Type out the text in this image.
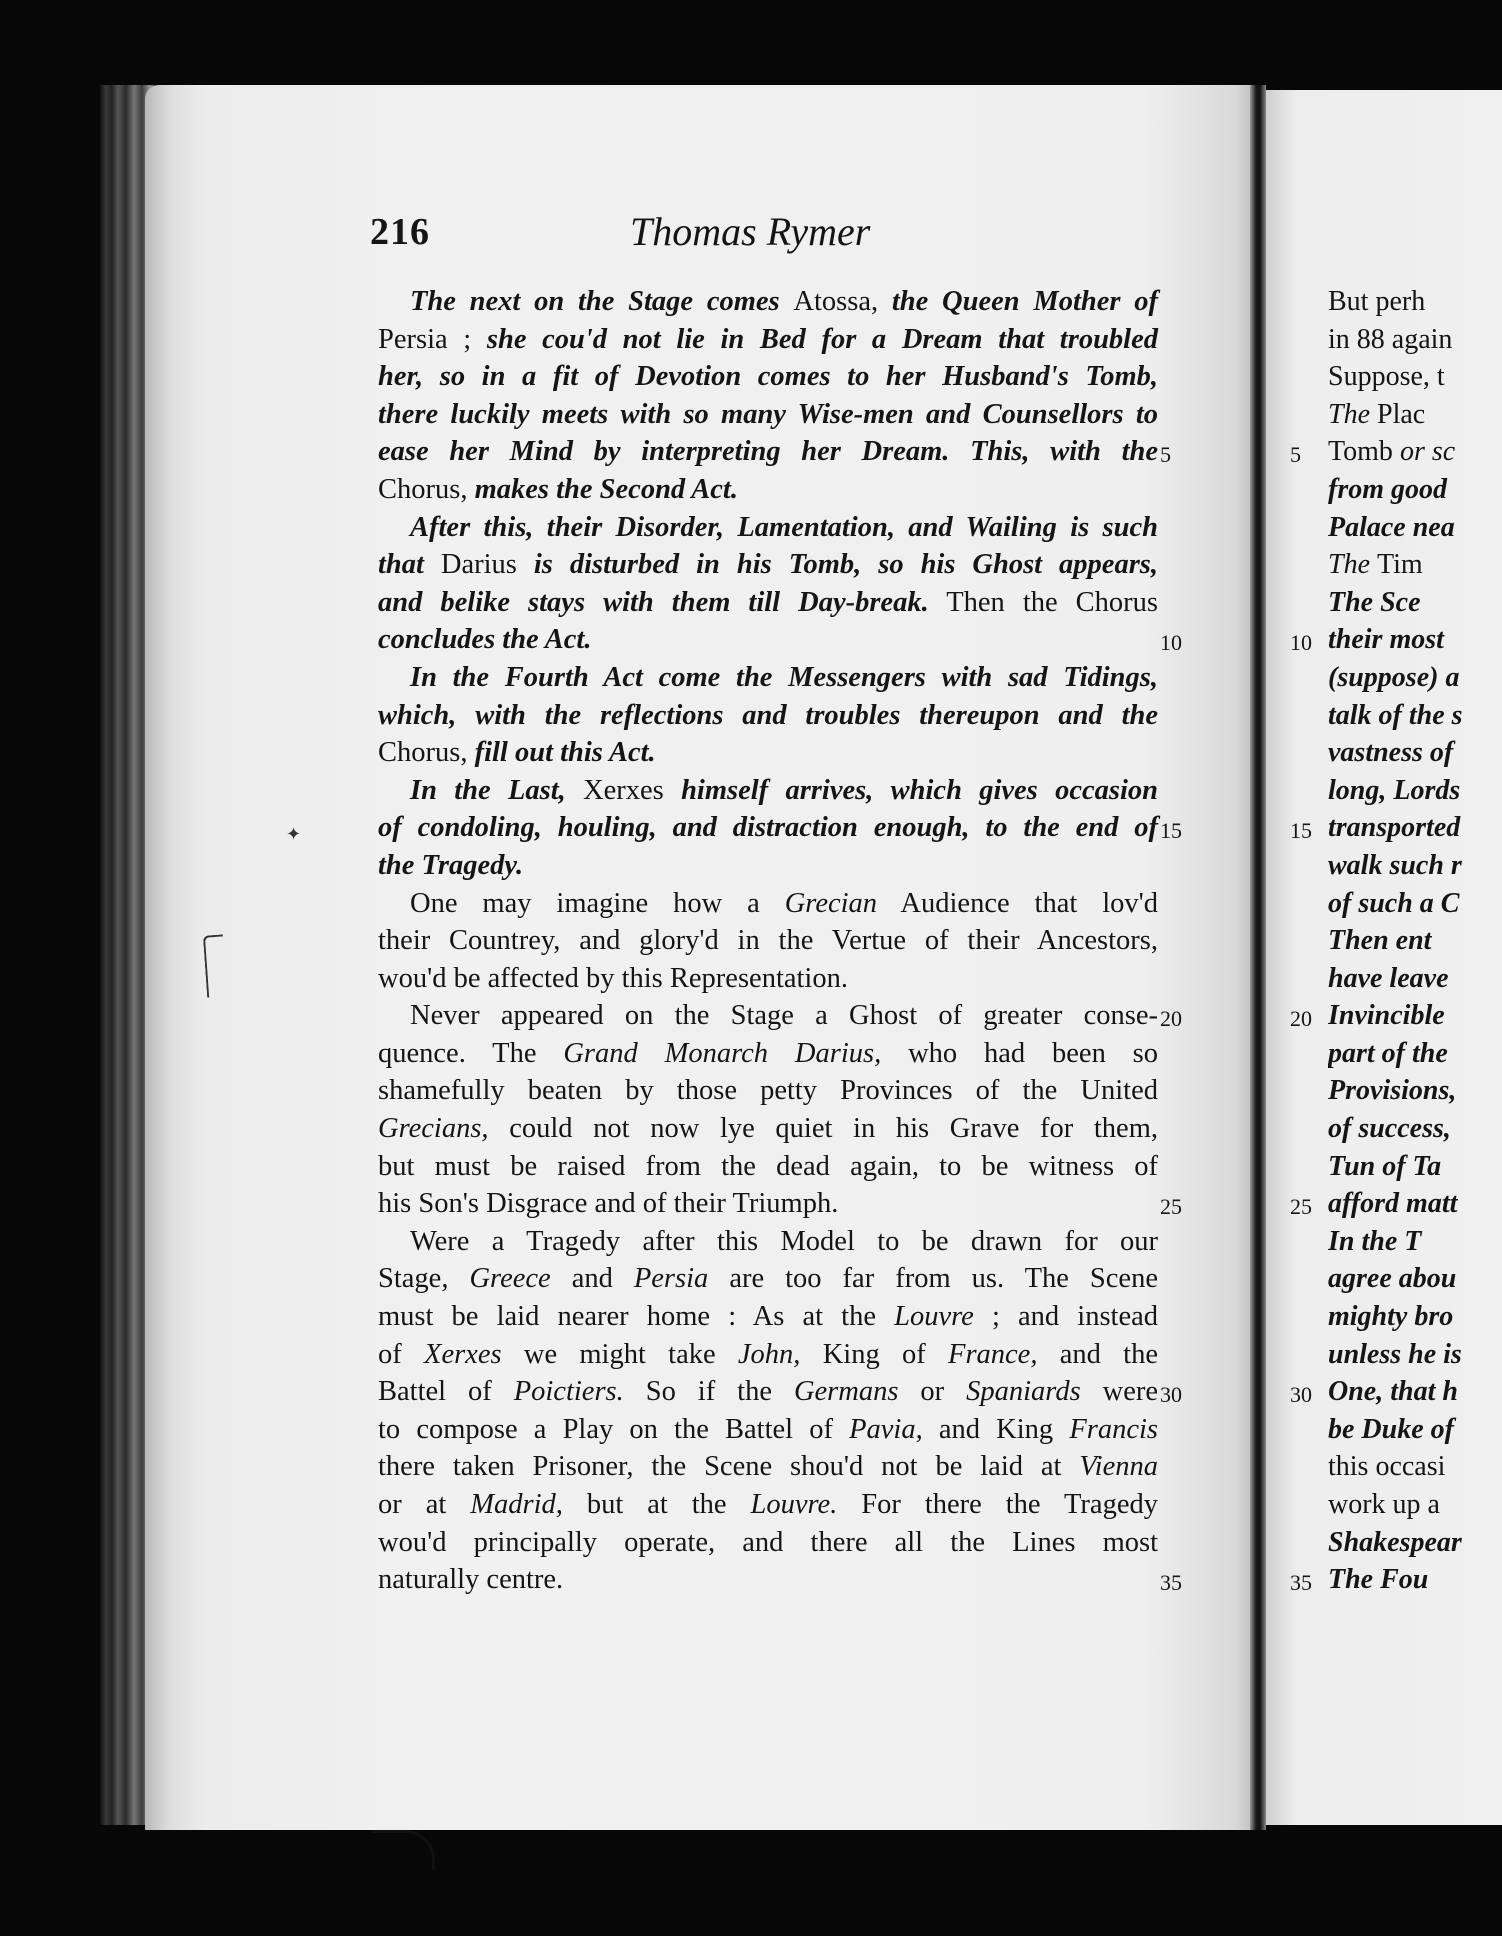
216	Thomas Rymer
The next on the Stage comes Atossa, the Queen Mother of
Persia ; she cou'd not lie in Bed for a Dream that troubled
her, so in a fit of Devotion comes to her Husband's Tomb,
there luckily meets with so many Wise-men and Counsellors to
ease her Mind by interpreting her Dream. This, with the
Chorus, makes the Second Act.
After this, their Disorder, Lamentation, and Wailing is such
that Darius is disturbed in his Tomb, so his Ghost appears,
and belike stays with them till Day-break. Then the Chorus
concludes the Act.
In the Fourth Act come the Messengers with sad Tidings,
which, with the reflections and troubles thereupon and the
Chorus, fill out this Act.
In the Last, Xerxes himself arrives, which gives occasion
of condoling, houling, and distraction enough, to the end of
the Tragedy.
One may imagine how a Grecian Audience that lov'd
their Countrey, and glory'd in the Vertue of their Ancestors,
wou'd be affected by this Representation.
Never appeared on the Stage a Ghost of greater conse-
quence. The Grand Monarch Darius, who had been so
shamefully beaten by those petty Provinces of the United
Grecians, could not now lye quiet in his Grave for them,
but must be raised from the dead again, to be witness of
his Son's Disgrace and of their Triumph.
Were a Tragedy after this Model to be drawn for our
Stage, Greece and Persia are too far from us. The Scene
must be laid nearer home : As at the Louvre ; and instead
of Xerxes we might take John, King of France, and the
Battel of Poictiers. So if the Germans or Spaniards were
to compose a Play on the Battel of Pavia, and King Francis
there taken Prisoner, the Scene shou'd not be laid at Vienna
or at Madrid, but at the Louvre. For there the Tragedy
wou'd principally operate, and there all the Lines most
naturally centre.
5
10
15
20
25
30
35
5
10
15
20
25
30
35
But perh
in 88 again
Suppose, t
The Plac
Tomb or sc
from good
Palace nea
The Tim
The Sce
their most
(suppose) a
talk of the s
vastness of
long, Lords
transported
walk such r
of such a C
Then ent
have leave
Invincible
part of the
Provisions,
of success,
Tun of Ta
afford matt
In the T
agree abou
mighty bro
unless he is
One, that h
be Duke of
this occasi
work up a
Shakespear
The Fou
✦
